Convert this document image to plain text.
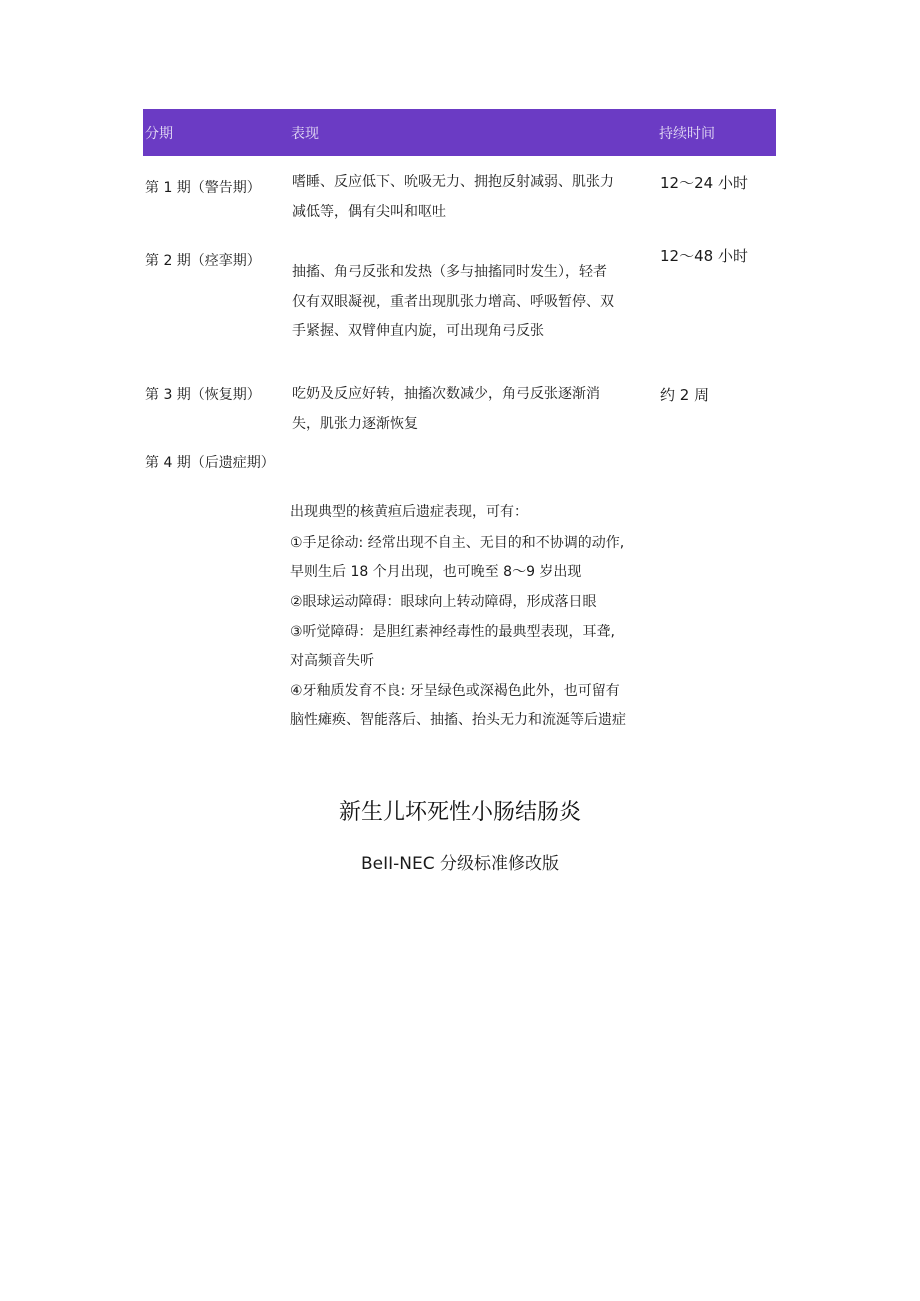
分期	表现	持续时间
第 1 期（警告期） 嗜睡、反应低下、吮吸无力、拥抱反射减弱、肌张力
减低等，偶有尖叫和呕吐
12～24 小时
第 2 期（痉挛期）
抽搐、角弓反张和发热（多与抽搐同时发生），轻者
仅有双眼凝视，重者出现肌张力增高、呼吸暂停、双
手紧握、双臂伸直内旋，可出现角弓反张
12～48 小时
第 3 期（恢复期） 吃奶及反应好转，抽搐次数减少，角弓反张逐渐消
失，肌张力逐渐恢复
约 2 周
第 4 期（后遗症期）
出现典型的核黄疸后遗症表现，可有：
①手足徐动: 经常出现不自主、无目的和不协调的动作,
早则生后 18 个月出现，也可晚至 8～9 岁出现
②眼球运动障碍：眼球向上转动障碍，形成落日眼
③听觉障碍：是胆红素神经毒性的最典型表现，耳聋,
对高频音失听
④牙釉质发育不良: 牙呈绿色或深褐色此外，也可留有
脑性瘫痪、智能落后、抽搐、抬头无力和流涎等后遗症
新生儿坏死性小肠结肠炎
BeII-NEC 分级标准修改版
